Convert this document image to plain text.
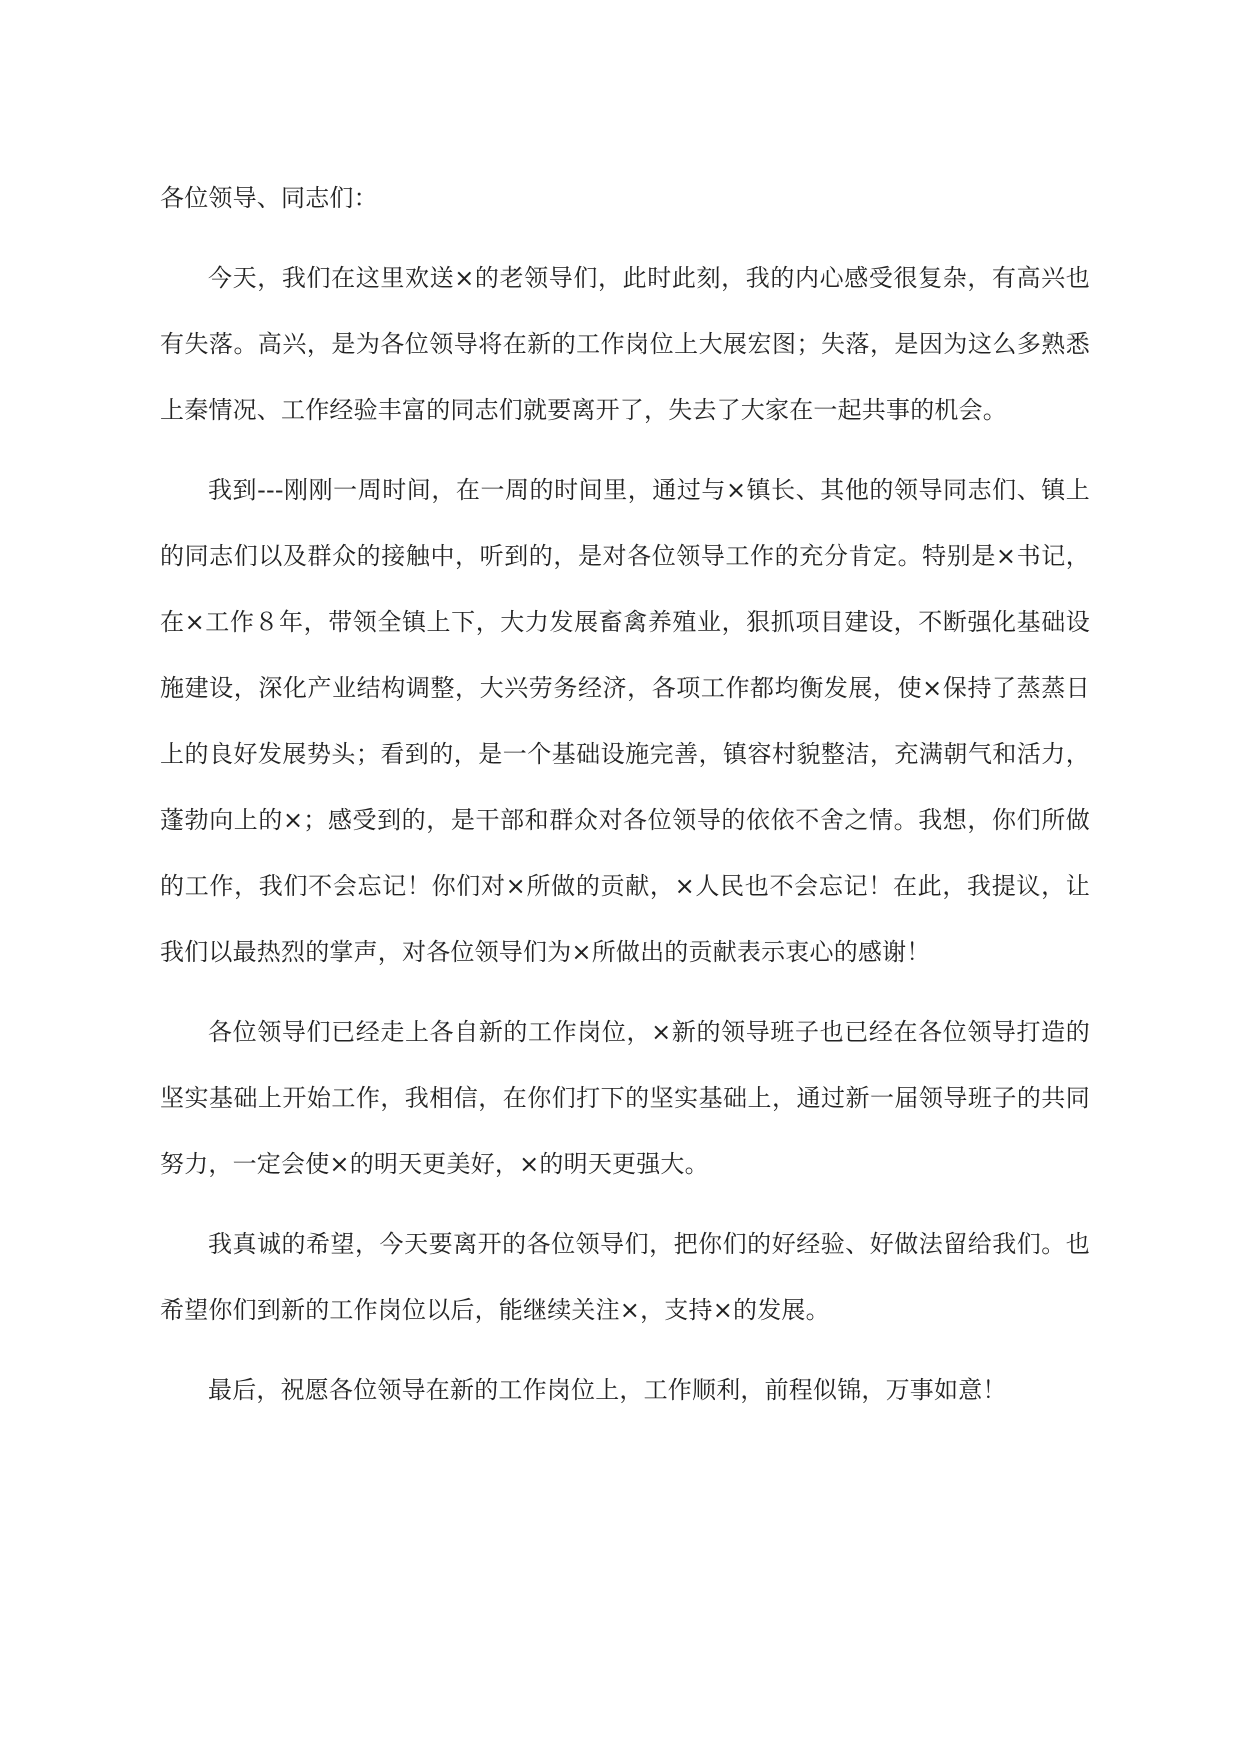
各位领导、同志们：

今天，我们在这里欢送×的老领导们，此时此刻，我的内心感受很复杂，有高兴也有失落。高兴，是为各位领导将在新的工作岗位上大展宏图；失落，是因为这么多熟悉上秦情况、工作经验丰富的同志们就要离开了，失去了大家在一起共事的机会。

我到---刚刚一周时间，在一周的时间里，通过与×镇长、其他的领导同志们、镇上的同志们以及群众的接触中，听到的，是对各位领导工作的充分肯定。特别是×书记，在×工作８年，带领全镇上下，大力发展畜禽养殖业，狠抓项目建设，不断强化基础设施建设，深化产业结构调整，大兴劳务经济，各项工作都均衡发展，使×保持了蒸蒸日上的良好发展势头；看到的，是一个基础设施完善，镇容村貌整洁，充满朝气和活力，蓬勃向上的×；感受到的，是干部和群众对各位领导的依依不舍之情。我想，你们所做的工作，我们不会忘记！你们对×所做的贡献，×人民也不会忘记！在此，我提议，让我们以最热烈的掌声，对各位领导们为×所做出的贡献表示衷心的感谢！

各位领导们已经走上各自新的工作岗位，×新的领导班子也已经在各位领导打造的坚实基础上开始工作，我相信，在你们打下的坚实基础上，通过新一届领导班子的共同努力，一定会使×的明天更美好，×的明天更强大。

我真诚的希望，今天要离开的各位领导们，把你们的好经验、好做法留给我们。也希望你们到新的工作岗位以后，能继续关注×，支持×的发展。

最后，祝愿各位领导在新的工作岗位上，工作顺利，前程似锦，万事如意！
